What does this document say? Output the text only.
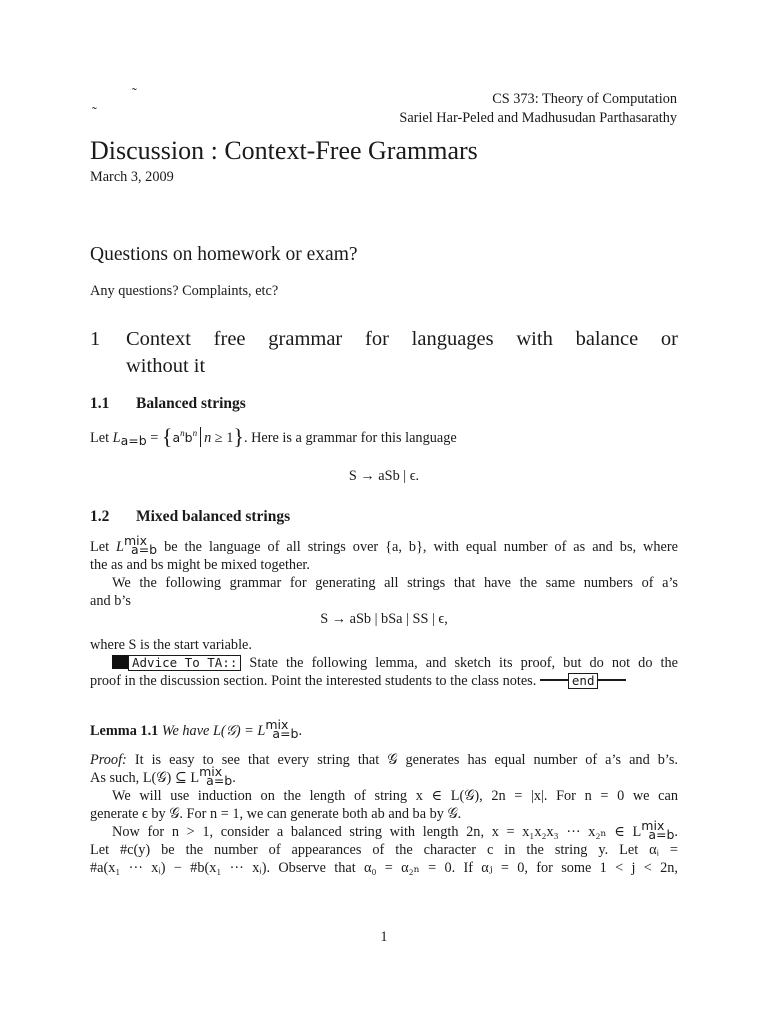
˜
˜
CS 373: Theory of Computation
Sariel Har-Peled and Madhusudan Parthasarathy
Discussion : Context-Free Grammars
March 3, 2009
Questions on homework or exam?
Any questions? Complaints, etc?
1 Context free grammar for languages with balance or
without it
1.1 Balanced strings
Let $L_{a=b} = \{a^nb^n$ n ≥ 1}. Here is a grammar for this language
S → aSb | ϵ.
1.2 Mixed balanced strings
Let $L^{mix}_{a=b}$ be the language of all strings over {a, b}, with equal number of as and bs, where
the as and bs might be mixed together.
We the following grammar for generating all strings that have the same numbers of a’s
and b’s
S → aSb | bSa | SS | ϵ,
where S is the start variable.
Advice To TA:: State the following lemma, and sketch its proof, but do not do the
proof in the discussion section. Point the interested students to the class notes.	end
Lemma 1.1 We have L(𝒢) = $L^{mix}_{a=b}$.
Proof: It is easy to see that every string that 𝒢 generates has equal number of a’s and b’s.
As such, L(𝒢) ⊆ $L^{mix}_{a=b}$.
We will use induction on the length of string x ∈ L(𝒢), 2n = |x|. For n = 0 we can
generate ϵ by 𝒢. For n = 1, we can generate both ab and ba by 𝒢.
Now for n > 1, consider a balanced string with length 2n, x = x₁x₂x₃ ··· x₂ₙ ∈ $L^{mix}_{a=b}$.
Let #c(y) be the number of appearances of the character c in the string y. Let αᵢ =
#a(x₁ ··· xᵢ) − #b(x₁ ··· xᵢ). Observe that α₀ = α₂ₙ = 0. If αⱼ = 0, for some 1 < j < 2n,
1
